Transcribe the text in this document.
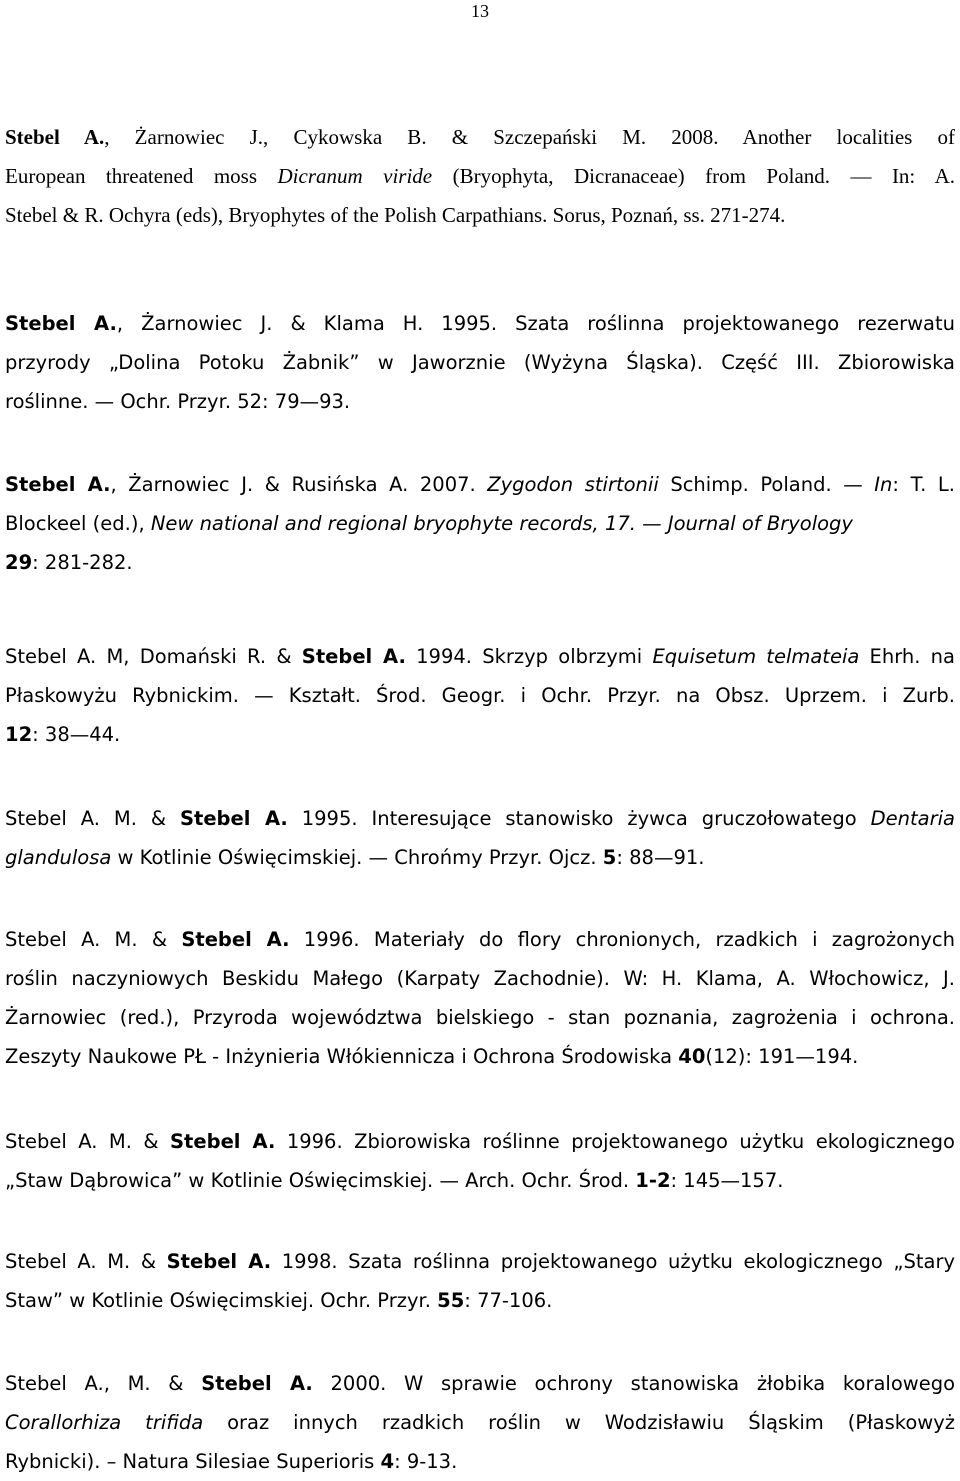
13
Stebel A., Żarnowiec J., Cykowska B. & Szczepański M. 2008. Another localities of
European threatened moss Dicranum viride (Bryophyta, Dicranaceae) from Poland. — In: A.
Stebel & R. Ochyra (eds), Bryophytes of the Polish Carpathians. Sorus, Poznań, ss. 271-274.
Stebel A., Żarnowiec J. & Klama H. 1995. Szata roślinna projektowanego rezerwatu
przyrody „Dolina Potoku Żabnik” w Jaworznie (Wyżyna Śląska). Część III. Zbiorowiska
roślinne. — Ochr. Przyr. 52: 79—93.
Stebel A., Żarnowiec J. & Rusińska A. 2007. Zygodon stirtonii Schimp. Poland. — In: T. L.
Blockeel (ed.), New national and regional bryophyte records, 17. — Journal of Bryology
29: 281-282.
Stebel A. M, Domański R. & Stebel A. 1994. Skrzyp olbrzymi Equisetum telmateia Ehrh. na
Płaskowyżu Rybnickim. — Kształt. Środ. Geogr. i Ochr. Przyr. na Obsz. Uprzem. i Zurb.
12: 38—44.
Stebel A. M. & Stebel A. 1995. Interesujące stanowisko żywca gruczołowatego Dentaria
glandulosa w Kotlinie Oświęcimskiej. — Chrońmy Przyr. Ojcz. 5: 88—91.
Stebel A. M. & Stebel A. 1996. Materiały do flory chronionych, rzadkich i zagrożonych
roślin naczyniowych Beskidu Małego (Karpaty Zachodnie). W: H. Klama, A. Włochowicz, J.
Żarnowiec (red.), Przyroda województwa bielskiego - stan poznania, zagrożenia i ochrona.
Zeszyty Naukowe PŁ - Inżynieria Włókiennicza i Ochrona Środowiska 40(12): 191—194.
Stebel A. M. & Stebel A. 1996. Zbiorowiska roślinne projektowanego użytku ekologicznego
„Staw Dąbrowica” w Kotlinie Oświęcimskiej. — Arch. Ochr. Środ. 1-2: 145—157.
Stebel A. M. & Stebel A. 1998. Szata roślinna projektowanego użytku ekologicznego „Stary
Staw” w Kotlinie Oświęcimskiej. Ochr. Przyr. 55: 77-106.
Stebel A., M. & Stebel A. 2000. W sprawie ochrony stanowiska żłobika koralowego
Corallorhiza trifida oraz innych rzadkich roślin w Wodzisławiu Śląskim (Płaskowyż
Rybnicki). – Natura Silesiae Superioris 4: 9-13.
